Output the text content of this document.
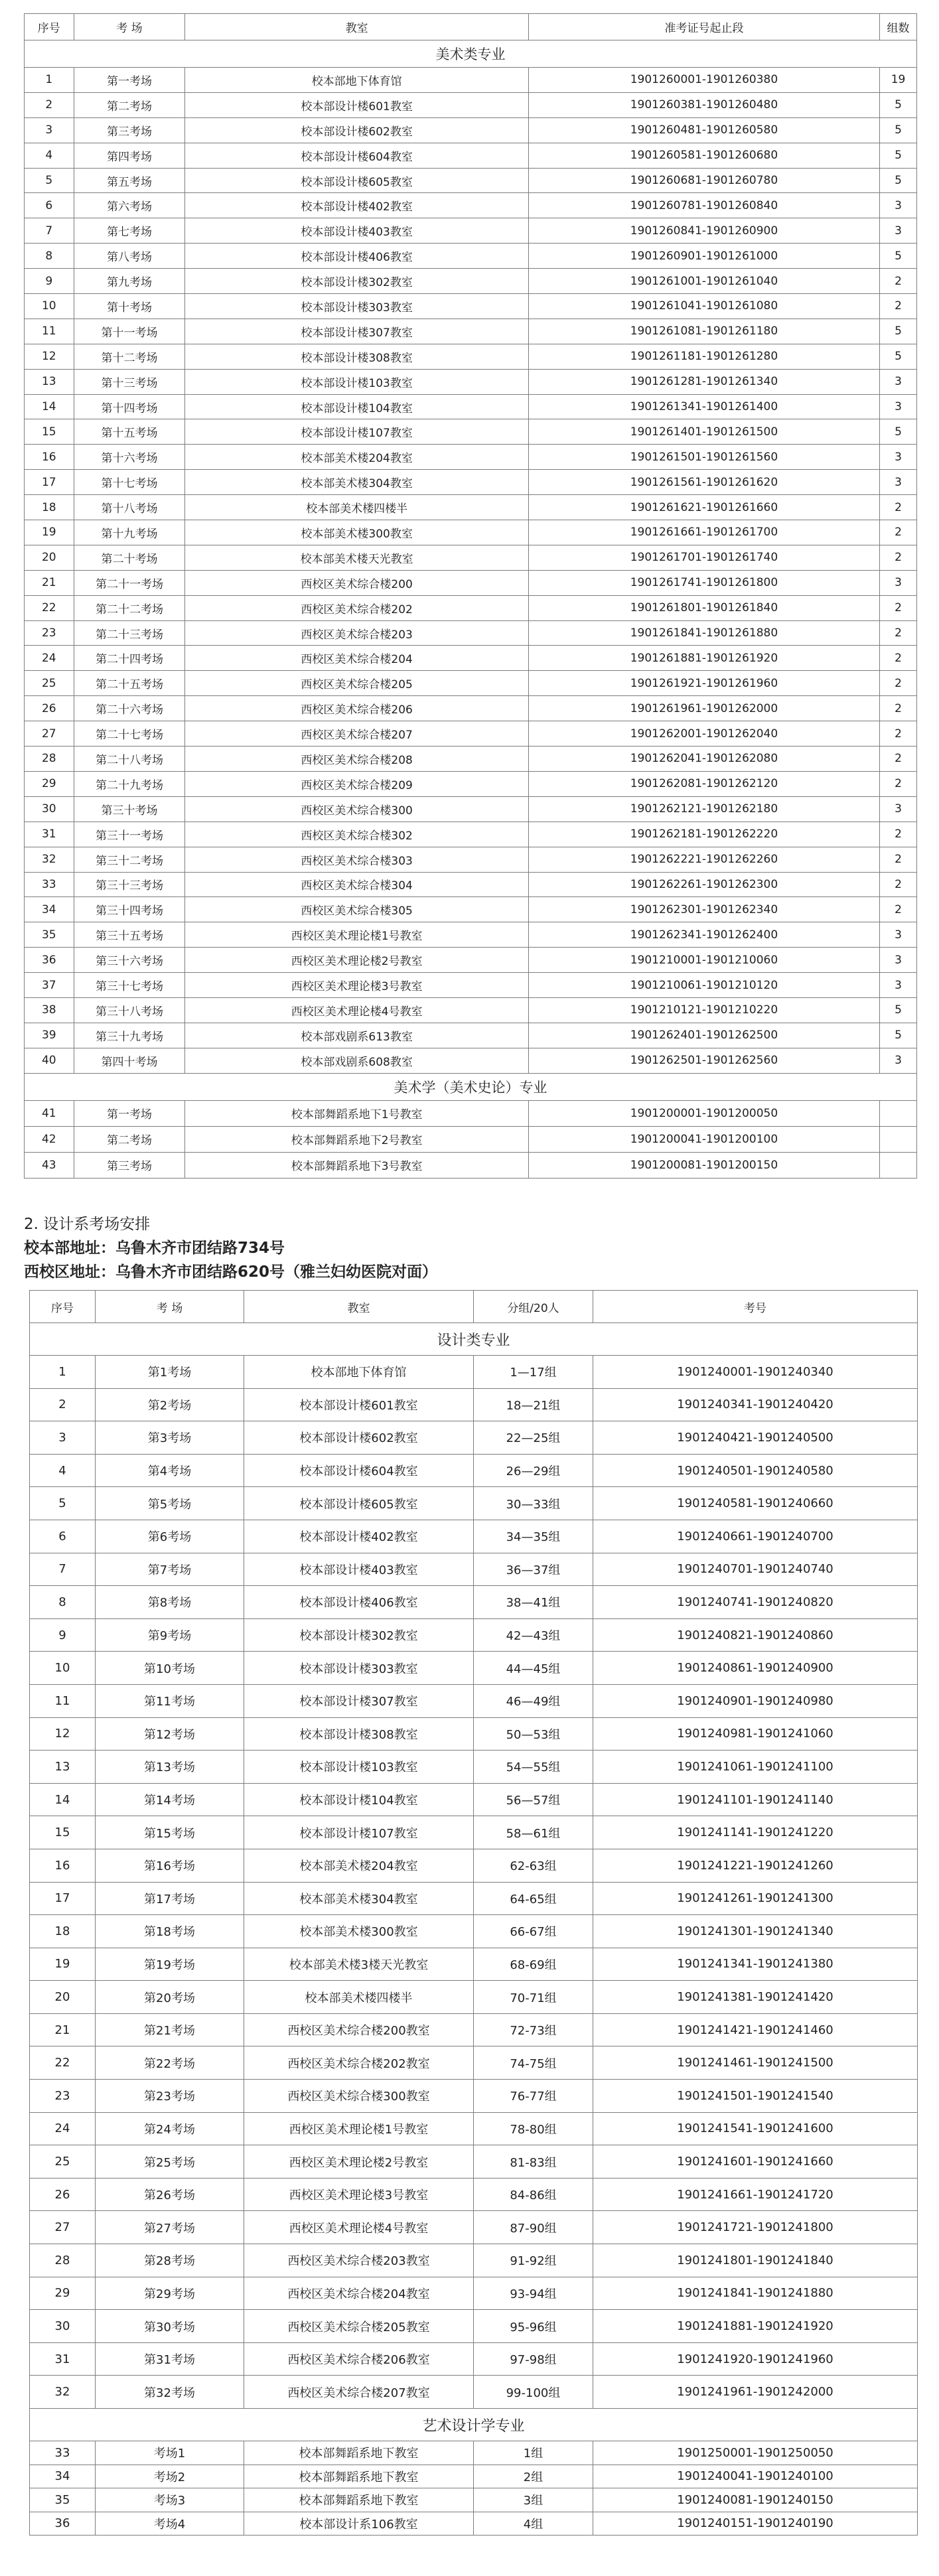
序号	考 场	教室	准考证号起止段	组数
美术类专业				
1	第一考场	校本部地下体育馆	1901260001-1901260380	19
2	第二考场	校本部设计楼601教室	1901260381-1901260480	5
3	第三考场	校本部设计楼602教室	1901260481-1901260580	5
4	第四考场	校本部设计楼604教室	1901260581-1901260680	5
5	第五考场	校本部设计楼605教室	1901260681-1901260780	5
6	第六考场	校本部设计楼402教室	1901260781-1901260840	3
7	第七考场	校本部设计楼403教室	1901260841-1901260900	3
8	第八考场	校本部设计楼406教室	1901260901-1901261000	5
9	第九考场	校本部设计楼302教室	1901261001-1901261040	2
10	第十考场	校本部设计楼303教室	1901261041-1901261080	2
11	第十一考场	校本部设计楼307教室	1901261081-1901261180	5
12	第十二考场	校本部设计楼308教室	1901261181-1901261280	5
13	第十三考场	校本部设计楼103教室	1901261281-1901261340	3
14	第十四考场	校本部设计楼104教室	1901261341-1901261400	3
15	第十五考场	校本部设计楼107教室	1901261401-1901261500	5
16	第十六考场	校本部美术楼204教室	1901261501-1901261560	3
17	第十七考场	校本部美术楼304教室	1901261561-1901261620	3
18	第十八考场	校本部美术楼四楼半	1901261621-1901261660	2
19	第十九考场	校本部美术楼300教室	1901261661-1901261700	2
20	第二十考场	校本部美术楼天光教室	1901261701-1901261740	2
21	第二十一考场	西校区美术综合楼200	1901261741-1901261800	3
22	第二十二考场	西校区美术综合楼202	1901261801-1901261840	2
23	第二十三考场	西校区美术综合楼203	1901261841-1901261880	2
24	第二十四考场	西校区美术综合楼204	1901261881-1901261920	2
25	第二十五考场	西校区美术综合楼205	1901261921-1901261960	2
26	第二十六考场	西校区美术综合楼206	1901261961-1901262000	2
27	第二十七考场	西校区美术综合楼207	1901262001-1901262040	2
28	第二十八考场	西校区美术综合楼208	1901262041-1901262080	2
29	第二十九考场	西校区美术综合楼209	1901262081-1901262120	2
30	第三十考场	西校区美术综合楼300	1901262121-1901262180	3
31	第三十一考场	西校区美术综合楼302	1901262181-1901262220	2
32	第三十二考场	西校区美术综合楼303	1901262221-1901262260	2
33	第三十三考场	西校区美术综合楼304	1901262261-1901262300	2
34	第三十四考场	西校区美术综合楼305	1901262301-1901262340	2
35	第三十五考场	西校区美术理论楼1号教室	1901262341-1901262400	3
36	第三十六考场	西校区美术理论楼2号教室	1901210001-1901210060	3
37	第三十七考场	西校区美术理论楼3号教室	1901210061-1901210120	3
38	第三十八考场	西校区美术理论楼4号教室	1901210121-1901210220	5
39	第三十九考场	校本部戏剧系613教室	1901262401-1901262500	5
40	第四十考场	校本部戏剧系608教室	1901262501-1901262560	3
美术学（美术史论）专业				
41	第一考场	校本部舞蹈系地下1号教室	1901200001-1901200050	
42	第二考场	校本部舞蹈系地下2号教室	1901200041-1901200100	
43	第三考场	校本部舞蹈系地下3号教室	1901200081-1901200150	
2. 设计系考场安排
校本部地址：乌鲁木齐市团结路734号
西校区地址：乌鲁木齐市团结路620号（雅兰妇幼医院对面）
序号	考 场	教室	分组/20人	考号
设计类专业				
1	第1考场	校本部地下体育馆	1—17组	1901240001-1901240340
2	第2考场	校本部设计楼601教室	18—21组	1901240341-1901240420
3	第3考场	校本部设计楼602教室	22—25组	1901240421-1901240500
4	第4考场	校本部设计楼604教室	26—29组	1901240501-1901240580
5	第5考场	校本部设计楼605教室	30—33组	1901240581-1901240660
6	第6考场	校本部设计楼402教室	34—35组	1901240661-1901240700
7	第7考场	校本部设计楼403教室	36—37组	1901240701-1901240740
8	第8考场	校本部设计楼406教室	38—41组	1901240741-1901240820
9	第9考场	校本部设计楼302教室	42—43组	1901240821-1901240860
10	第10考场	校本部设计楼303教室	44—45组	1901240861-1901240900
11	第11考场	校本部设计楼307教室	46—49组	1901240901-1901240980
12	第12考场	校本部设计楼308教室	50—53组	1901240981-1901241060
13	第13考场	校本部设计楼103教室	54—55组	1901241061-1901241100
14	第14考场	校本部设计楼104教室	56—57组	1901241101-1901241140
15	第15考场	校本部设计楼107教室	58—61组	1901241141-1901241220
16	第16考场	校本部美术楼204教室	62-63组	1901241221-1901241260
17	第17考场	校本部美术楼304教室	64-65组	1901241261-1901241300
18	第18考场	校本部美术楼300教室	66-67组	1901241301-1901241340
19	第19考场	校本部美术楼3楼天光教室	68-69组	1901241341-1901241380
20	第20考场	校本部美术楼四楼半	70-71组	1901241381-1901241420
21	第21考场	西校区美术综合楼200教室	72-73组	1901241421-1901241460
22	第22考场	西校区美术综合楼202教室	74-75组	1901241461-1901241500
23	第23考场	西校区美术综合楼300教室	76-77组	1901241501-1901241540
24	第24考场	西校区美术理论楼1号教室	78-80组	1901241541-1901241600
25	第25考场	西校区美术理论楼2号教室	81-83组	1901241601-1901241660
26	第26考场	西校区美术理论楼3号教室	84-86组	1901241661-1901241720
27	第27考场	西校区美术理论楼4号教室	87-90组	1901241721-1901241800
28	第28考场	西校区美术综合楼203教室	91-92组	1901241801-1901241840
29	第29考场	西校区美术综合楼204教室	93-94组	1901241841-1901241880
30	第30考场	西校区美术综合楼205教室	95-96组	1901241881-1901241920
31	第31考场	西校区美术综合楼206教室	97-98组	1901241920-1901241960
32	第32考场	西校区美术综合楼207教室	99-100组	1901241961-1901242000
艺术设计学专业				
33	考场1	校本部舞蹈系地下教室	1组	1901250001-1901250050
34	考场2	校本部舞蹈系地下教室	2组	1901240041-1901240100
35	考场3	校本部舞蹈系地下教室	3组	1901240081-1901240150
36	考场4	校本部设计系106教室	4组	1901240151-1901240190
